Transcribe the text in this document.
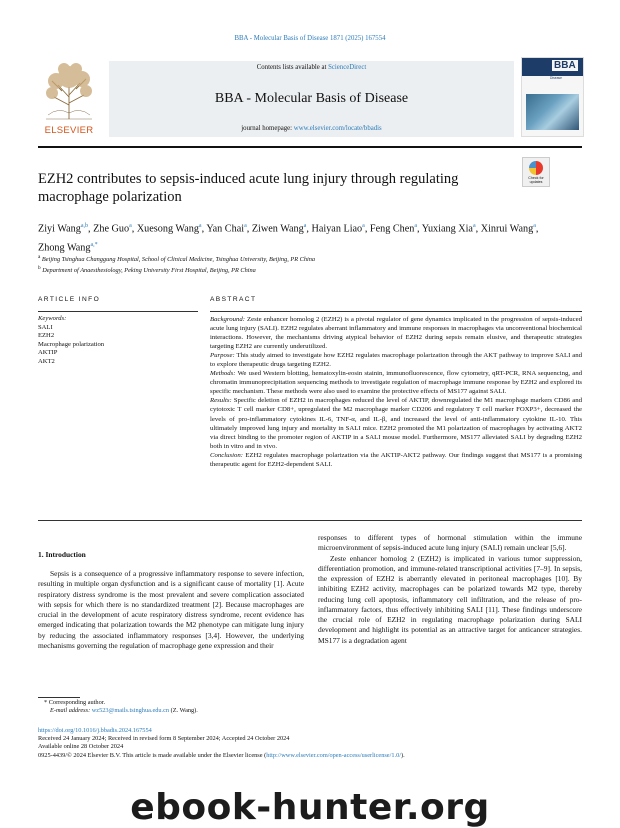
BBA - Molecular Basis of Disease 1871 (2025) 167554
ELSEVIER
Contents lists available at ScienceDirect
BBA - Molecular Basis of Disease
journal homepage: www.elsevier.com/locate/bbadis
BBA
Molecular Basis of Disease
EZH2 contributes to sepsis-induced acute lung injury through regulating macrophage polarization
Check for updates
Ziyi Wang$^{a,b}$, Zhe Guo$^a$, Xuesong Wang$^a$, Yan Chai$^a$, Ziwen Wang$^a$, Haiyan Liao$^a$, Feng Chen$^a$, Yuxiang Xia$^a$, Xinrui Wang$^a$, Zhong Wang$^{a,*}$
$^a$ Beijing Tsinghua Changgung Hospital, School of Clinical Medicine, Tsinghua University, Beijing, PR China
$^b$ Department of Anaesthesiology, Peking University First Hospital, Beijing, PR China
ARTICLE INFO	ABSTRACT
Keywords:
SALI
EZH2
Macrophage polarization
AKTIP
AKT2

Background: Zeste enhancer homolog 2 (EZH2) is a pivotal regulator of gene dynamics implicated in the progression of sepsis-induced acute lung injury (SALI). EZH2 regulates aberrant inflammatory and immune responses in macrophages via unconventional biochemical interactions. However, the mechanisms driving atypical behavior of EZH2 during sepsis remain elusive, and therapeutic strategies targeting EZH2 are currently underutilized.

Purpose: This study aimed to investigate how EZH2 regulates macrophage polarization through the AKT pathway to improve SALI and to explore therapeutic drugs targeting EZH2.

Methods: We used Western blotting, hematoxylin-eosin stainin, immunofluorescence, flow cytometry, qRT-PCR, RNA sequencing, and chromatin immunoprecipitation sequencing methods to investigate regulation of macrophage immune response by EZH2 and explored its specific mechanism. These methods were also used to examine the protective effects of MS177 against SALI.

Results: Specific deletion of EZH2 in macrophages reduced the level of AKTIP, downregulated the M1 macrophage markers CD86 and cytotoxic T cell marker CD8+, upregulated the M2 macrophage marker CD206 and regulatory T cell marker FOXP3+, decreased the levels of pro-inflammatory cytokines IL-6, TNF-α, and IL-β, and increased the level of anti-inflammatory cytokine IL-10. This ultimately improved lung injury and mortality in SALI mice. EZH2 promoted the M1 polarization of macrophages by activating AKT2 via direct binding to the promoter region of AKTIP in a SALI mouse model. Furthermore, MS177 alleviated SALI by degrading EZH2 both in vitro and in vivo.

Conclusion: EZH2 regulates macrophage polarization via the AKTIP-AKT2 pathway. Our findings suggest that MS177 is a promising therapeutic agent for EZH2-dependent SALI.

1. Introduction

Sepsis is a consequence of a progressive inflammatory response to severe infection, resulting in multiple organ dysfunction and is a significant cause of mortality [1]. Acute respiratory distress syndrome is the most prevalent and severe complication associated with sepsis for which there is no standardized treatment [2]. Because macrophages are crucial in the development of acute respiratory distress syndrome, recent evidence has emerged indicating that polarization towards the M2 phenotype can mitigate lung injury by reducing the associated inflammatory responses [3,4]. However, the underlying mechanisms governing the regulation of macrophage gene expression and their

responses to different types of hormonal stimulation within the immune microenvironment of sepsis-induced acute lung injury (SALI) remain unclear [5,6].

Zeste enhancer homolog 2 (EZH2) is implicated in various tumor suppression, differentiation promotion, and immune-related transcriptional activities [7–9]. In sepsis, the expression of EZH2 is aberrantly elevated in peritoneal macrophages [10]. By inhibiting EZH2 activity, macrophages can be polarized towards M2 type, thereby reducing lung cell apoptosis, inflammatory cell infiltration, and the release of pro-inflammatory factors, thus effectively inhibiting SALI [11]. These findings underscore the crucial role of EZH2 in regulating macrophage polarization during SALI development and highlight its potential as an attractive target for anticancer strategies. MS177 is a degradation agent

* Corresponding author.
E-mail address: wz523@mails.tsinghua.edu.cn (Z. Wang).
https://doi.org/10.1016/j.bbadis.2024.167554
Received 24 January 2024; Received in revised form 8 September 2024; Accepted 24 October 2024
Available online 28 October 2024
0925-4439/© 2024 Elsevier B.V. This article is made available under the Elsevier license (http://www.elsevier.com/open-access/userlicense/1.0/).
ebook-hunter.org
